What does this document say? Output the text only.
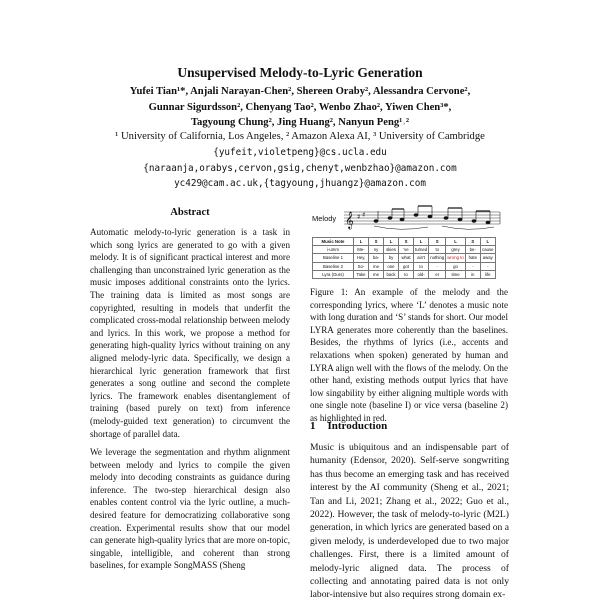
Unsupervised Melody-to-Lyric Generation
Yufei Tian¹*, Anjali Narayan-Chen², Shereen Oraby², Alessandra Cervone²,
Gunnar Sigurdsson², Chenyang Tao², Wenbo Zhao², Yiwen Chen³*,
Tagyoung Chung², Jing Huang², Nanyun Peng¹˒²
¹ University of California, Los Angeles, ² Amazon Alexa AI, ³ University of Cambridge
{yufeit,violetpeng}@cs.ucla.edu
{naraanja,orabys,cervon,gsig,chenyt,wenbzhao}@amazon.com
yc429@cam.ac.uk,{tagyoung,jhuangz}@amazon.com
Abstract

Automatic melody-to-lyric generation is a task in which song lyrics are generated to go with a given melody. It is of significant practical interest and more challenging than unconstrained lyric generation as the music imposes additional constraints onto the lyrics. The training data is limited as most songs are copyrighted, resulting in models that underfit the complicated cross-modal relationship between melody and lyrics. In this work, we propose a method for generating high-quality lyrics without training on any aligned melody-lyric data. Specifically, we design a hierarchical lyric generation framework that first generates a song outline and second the complete lyrics. The framework enables disentanglement of training (based purely on text) from inference (melody-guided text generation) to circumvent the shortage of parallel data.

We leverage the segmentation and rhythm alignment between melody and lyrics to compile the given melody into decoding constraints as guidance during inference. The two-step hierarchical design also enables content control via the lyric outline, a much-desired feature for democratizing collaborative song creation. Experimental results show that our model can generate high-quality lyrics that are more on-topic, singable, intelligible, and coherent than strong baselines, for example SongMASS (Sheng

Melody 𝄞 ♯ ♯
Music Note	L	S	L	S	L	S	L	S	L
i-umm	Me-	ny	skies	've	turned	to	grey	be-	cause
Baseline 1	Hey,	ba-	by	what	ain't	nothing	wrong to	hate	away
Baseline 2	So-	me	one	got	to	-	go	-	-
Lyra (Ours)	Take	me	back	to	old-	er	time	in	life
Figure 1: An example of the melody and the corresponding lyrics, where ‘L’ denotes a music note with long duration and ‘S’ stands for short. Our model LYRA generates more coherently than the baselines. Besides, the rhythms of lyrics (i.e., accents and relaxations when spoken) generated by human and LYRA align well with the flows of the melody. On the other hand, existing methods output lyrics that have low singability by either aligning multiple words with one single note (baseline I) or vice versa (baseline 2) as highlighted in red.
1 Introduction

Music is ubiquitous and an indispensable part of humanity (Edensor, 2020). Self-serve songwriting has thus become an emerging task and has received interest by the AI community (Sheng et al., 2021; Tan and Li, 2021; Zhang et al., 2022; Guo et al., 2022). However, the task of melody-to-lyric (M2L) generation, in which lyrics are generated based on a given melody, is underdeveloped due to two major challenges. First, there is a limited amount of melody-lyric aligned data. The process of collecting and annotating paired data is not only labor-intensive but also requires strong domain ex-
